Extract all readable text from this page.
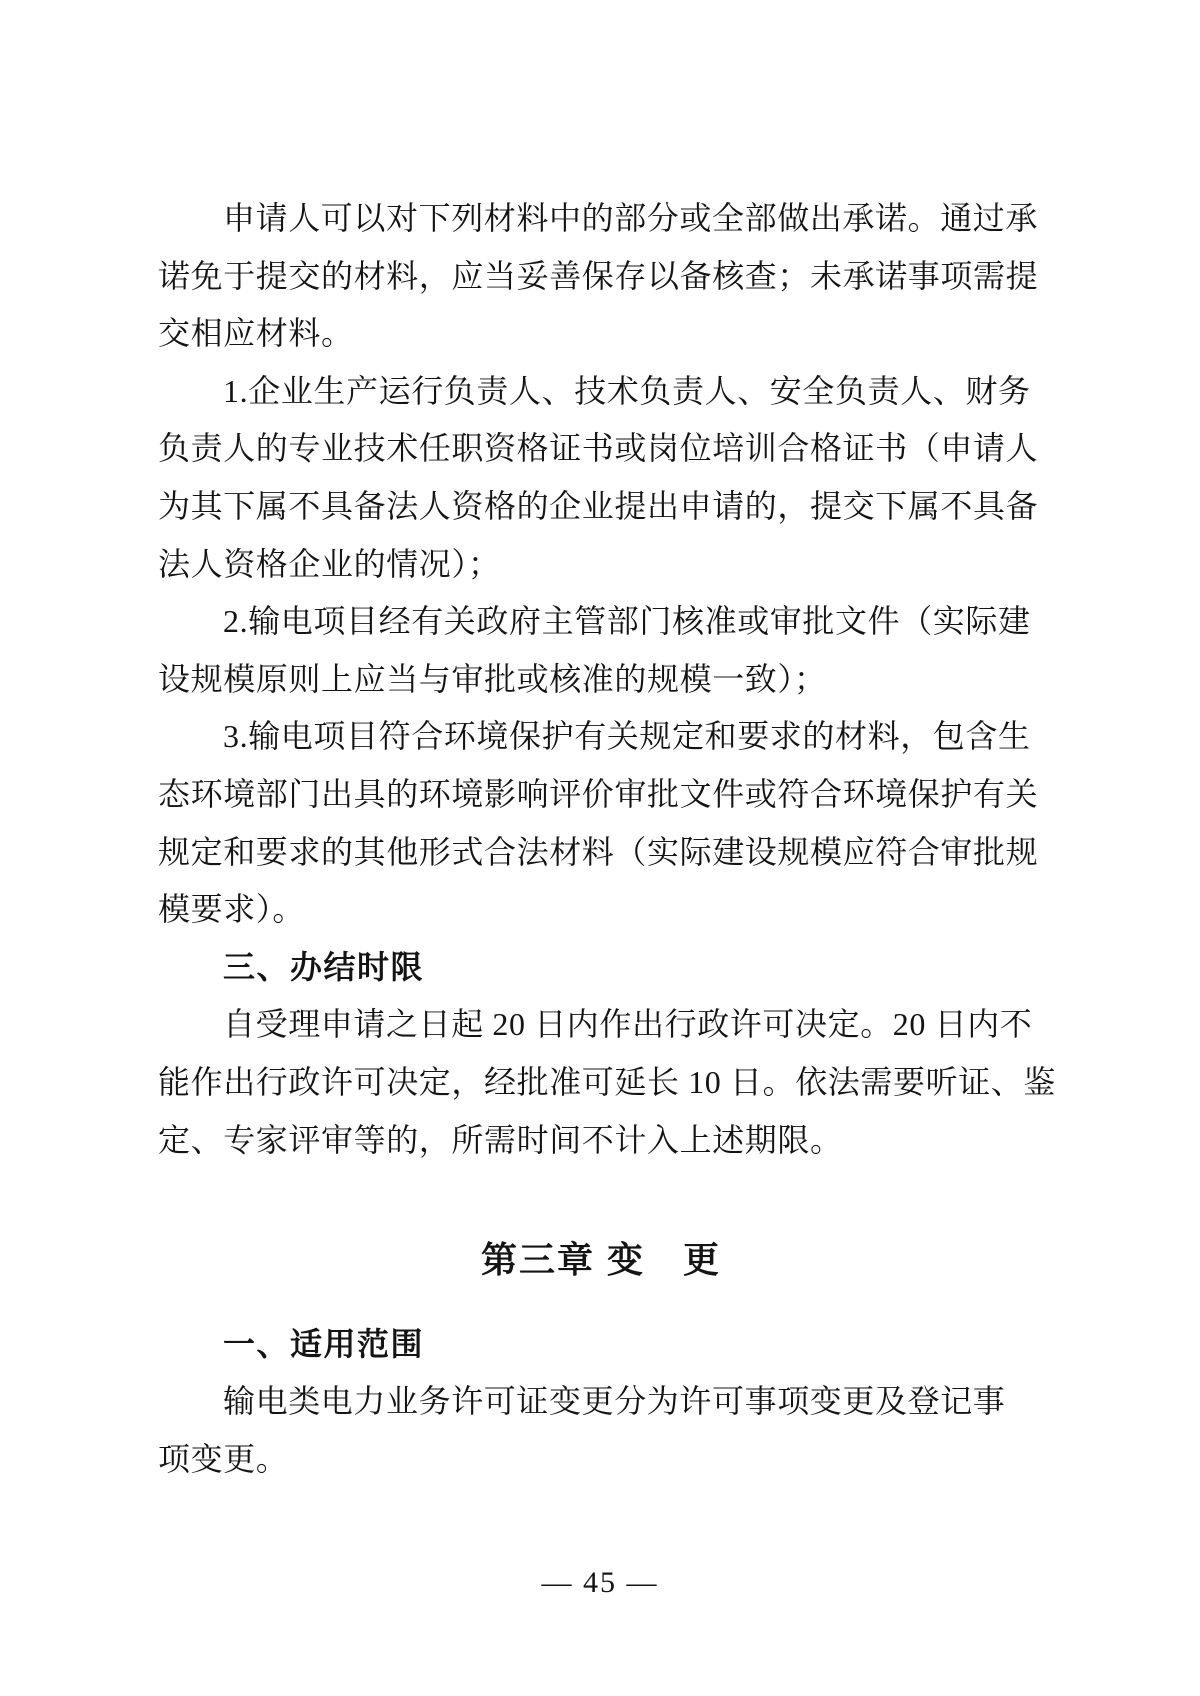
申请人可以对下列材料中的部分或全部做出承诺。通过承
诺免于提交的材料，应当妥善保存以备核查；未承诺事项需提
交相应材料。
1.企业生产运行负责人、技术负责人、安全负责人、财务
负责人的专业技术任职资格证书或岗位培训合格证书（申请人
为其下属不具备法人资格的企业提出申请的，提交下属不具备
法人资格企业的情况）；
2.输电项目经有关政府主管部门核准或审批文件（实际建
设规模原则上应当与审批或核准的规模一致）；
3.输电项目符合环境保护有关规定和要求的材料，包含生
态环境部门出具的环境影响评价审批文件或符合环境保护有关
规定和要求的其他形式合法材料（实际建设规模应符合审批规
模要求）。
三、办结时限
自受理申请之日起 20 日内作出行政许可决定。20 日内不
能作出行政许可决定，经批准可延长 10 日。依法需要听证、鉴
定、专家评审等的，所需时间不计入上述期限。
第三章 变　更
一、适用范围
输电类电力业务许可证变更分为许可事项变更及登记事
项变更。
— 45 —
